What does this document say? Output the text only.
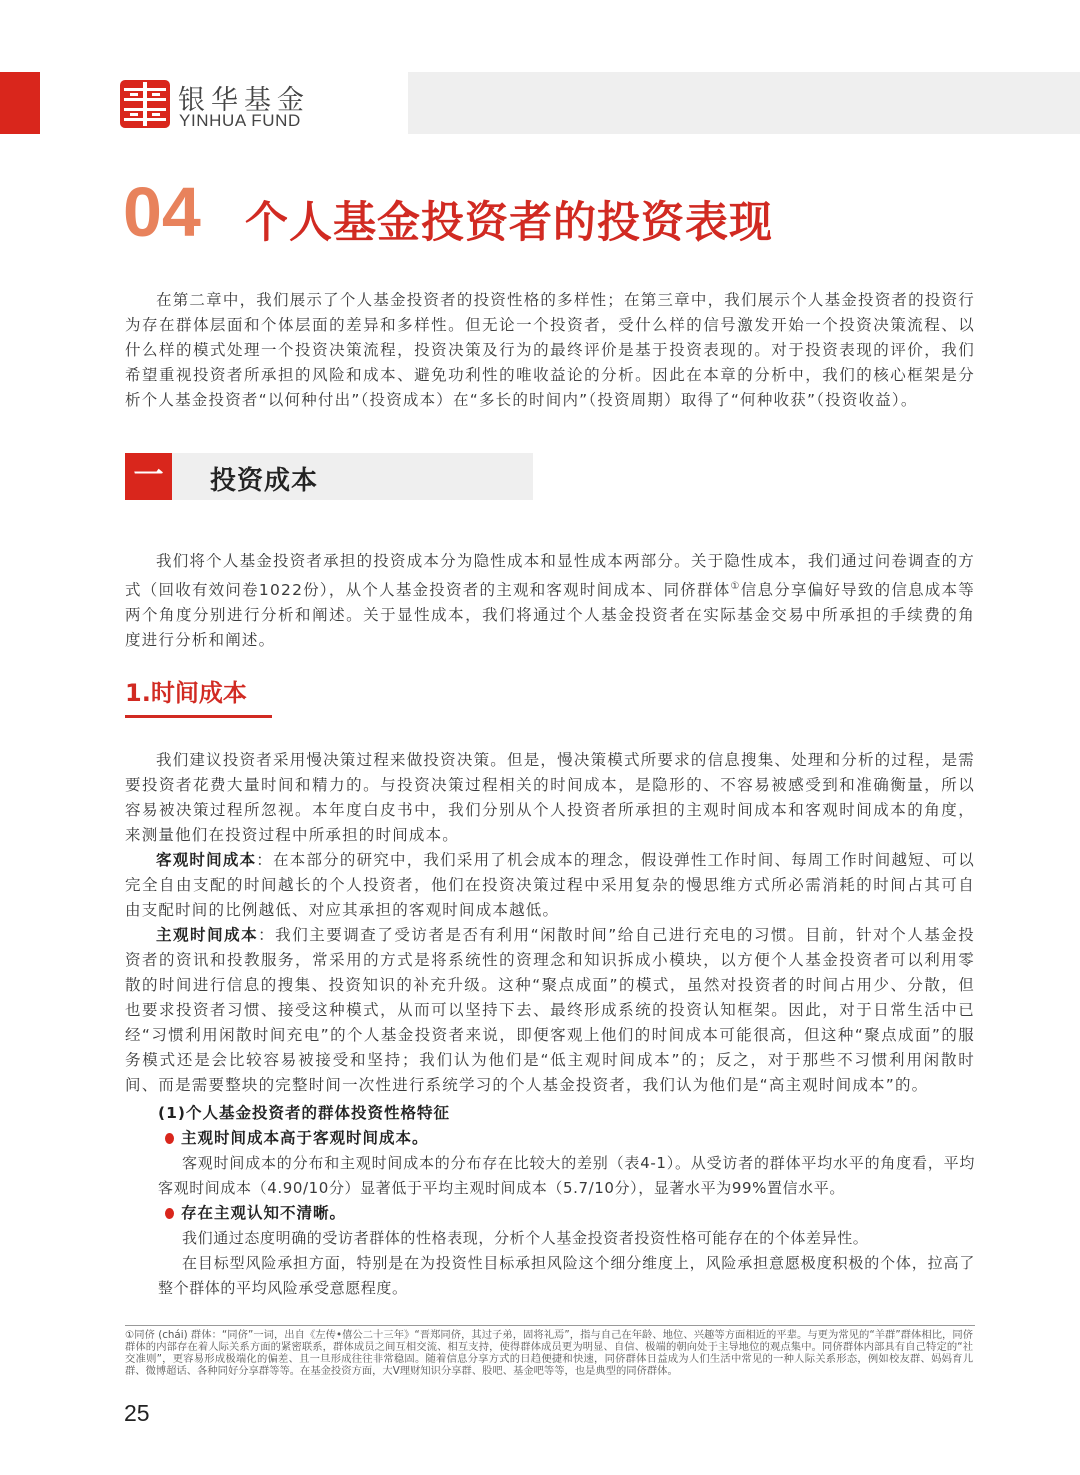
银华基金
YINHUA FUND
04 个人基金投资者的投资表现

在第二章中，我们展示了个人基金投资者的投资性格的多样性；在第三章中，我们展示个人基金投资者的投资行为存在群体层面和个体层面的差异和多样性。但无论一个投资者，受什么样的信号激发开始一个投资决策流程、以什么样的模式处理一个投资决策流程，投资决策及行为的最终评价是基于投资表现的。对于投资表现的评价，我们希望重视投资者所承担的风险和成本、避免功利性的唯收益论的分析。因此在本章的分析中，我们的核心框架是分析个人基金投资者“以何种付出”（投资成本）在“多长的时间内”（投资周期）取得了“何种收获”（投资收益）。

一	投资成本

我们将个人基金投资者承担的投资成本分为隐性成本和显性成本两部分。关于隐性成本，我们通过问卷调查的方式（回收有效问卷1022份），从个人基金投资者的主观和客观时间成本、同侪群体①信息分享偏好导致的信息成本等两个角度分别进行分析和阐述。关于显性成本，我们将通过个人基金投资者在实际基金交易中所承担的手续费的角度进行分析和阐述。

1.时间成本

我们建议投资者采用慢决策过程来做投资决策。但是，慢决策模式所要求的信息搜集、处理和分析的过程，是需要投资者花费大量时间和精力的。与投资决策过程相关的时间成本，是隐形的、不容易被感受到和准确衡量，所以容易被决策过程所忽视。本年度白皮书中，我们分别从个人投资者所承担的主观时间成本和客观时间成本的角度，来测量他们在投资过程中所承担的时间成本。

客观时间成本：在本部分的研究中，我们采用了机会成本的理念，假设弹性工作时间、每周工作时间越短、可以完全自由支配的时间越长的个人投资者，他们在投资决策过程中采用复杂的慢思维方式所必需消耗的时间占其可自由支配时间的比例越低、对应其承担的客观时间成本越低。

主观时间成本：我们主要调查了受访者是否有利用“闲散时间”给自己进行充电的习惯。目前，针对个人基金投资者的资讯和投教服务，常采用的方式是将系统性的资理念和知识拆成小模块，以方便个人基金投资者可以利用零散的时间进行信息的搜集、投资知识的补充升级。这种“聚点成面”的模式，虽然对投资者的时间占用少、分散，但也要求投资者习惯、接受这种模式，从而可以坚持下去、最终形成系统的投资认知框架。因此，对于日常生活中已经“习惯利用闲散时间充电”的个人基金投资者来说，即便客观上他们的时间成本可能很高，但这种“聚点成面”的服务模式还是会比较容易被接受和坚持；我们认为他们是“低主观时间成本”的；反之，对于那些不习惯利用闲散时间、而是需要整块的完整时间一次性进行系统学习的个人基金投资者，我们认为他们是“高主观时间成本”的。

(1)个人基金投资者的群体投资性格特征
主观时间成本高于客观时间成本。

客观时间成本的分布和主观时间成本的分布存在比较大的差别（表4-1）。从受访者的群体平均水平的角度看，平均客观时间成本（4.90/10分）显著低于平均主观时间成本（5.7/10分），显著水平为99%置信水平。

存在主观认知不清晰。

我们通过态度明确的受访者群体的性格表现，分析个人基金投资者投资性格可能存在的个体差异性。

在目标型风险承担方面，特别是在为投资性目标承担风险这个细分维度上，风险承担意愿极度积极的个体，拉高了整个群体的平均风险承受意愿程度。

①同侪 (chái) 群体：“同侪”一词，出自《左传•僖公二十三年》“晋郑同侪，其过子弟，固将礼焉”，指与自己在年龄、地位、兴趣等方面相近的平辈。与更为常见的“羊群”群体相比，同侪群体的内部存在着人际关系方面的紧密联系，群体成员之间互相交流、相互支持，使得群体成员更为明显、自信、极端的朝向处于主导地位的观点集中。同侪群体内部具有自己特定的“社交准则”，更容易形成极端化的偏差、且一旦形成往往非常稳固。随着信息分享方式的日趋便捷和快速，同侪群体日益成为人们生活中常见的一种人际关系形态，例如校友群、妈妈育儿群、微博超话、各种同好分享群等等。在基金投资方面，大V理财知识分享群、股吧、基金吧等等，也是典型的同侪群体。
25
